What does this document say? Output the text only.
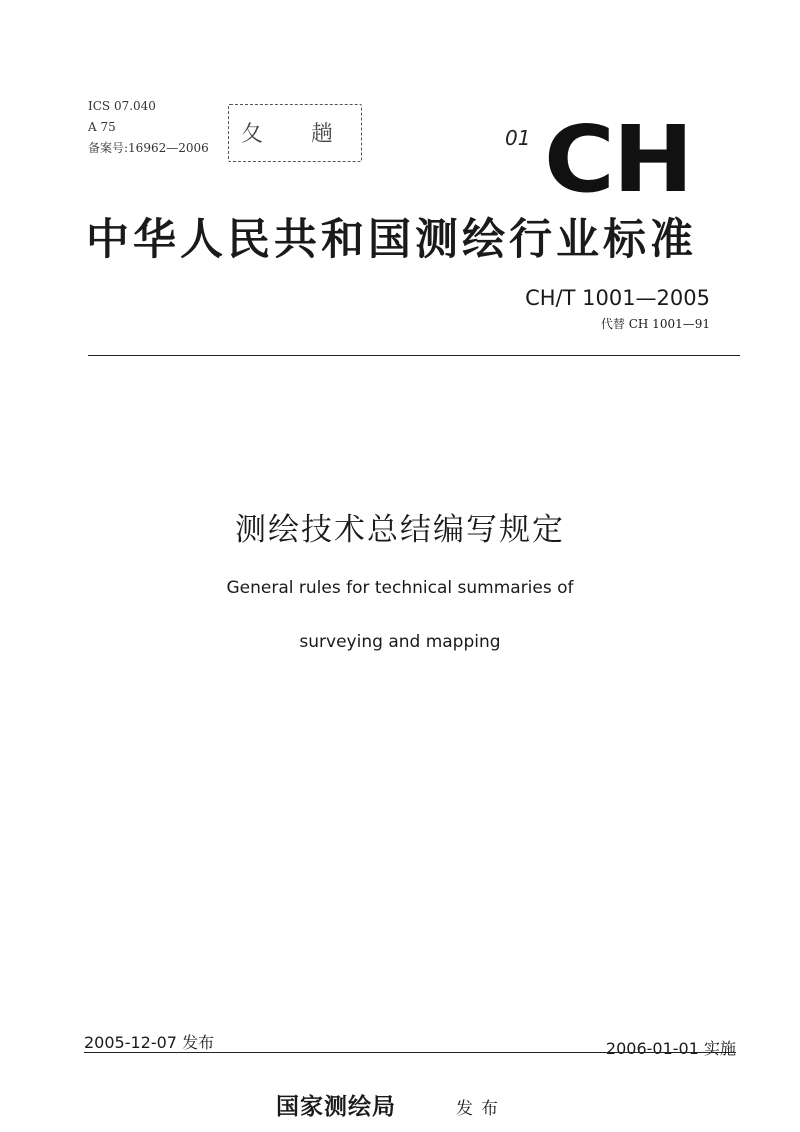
ICS 07.040
A 75
备案号:16962—2006
夂 趟	01 CH
中华人民共和国测绘行业标准
CH/T 1001—2005
代替 CH 1001—91
测绘技术总结编写规定
General rules for technical summaries of
surveying and mapping
2005-12-07 发布	2006-01-01 实施
国家测绘局	发布
